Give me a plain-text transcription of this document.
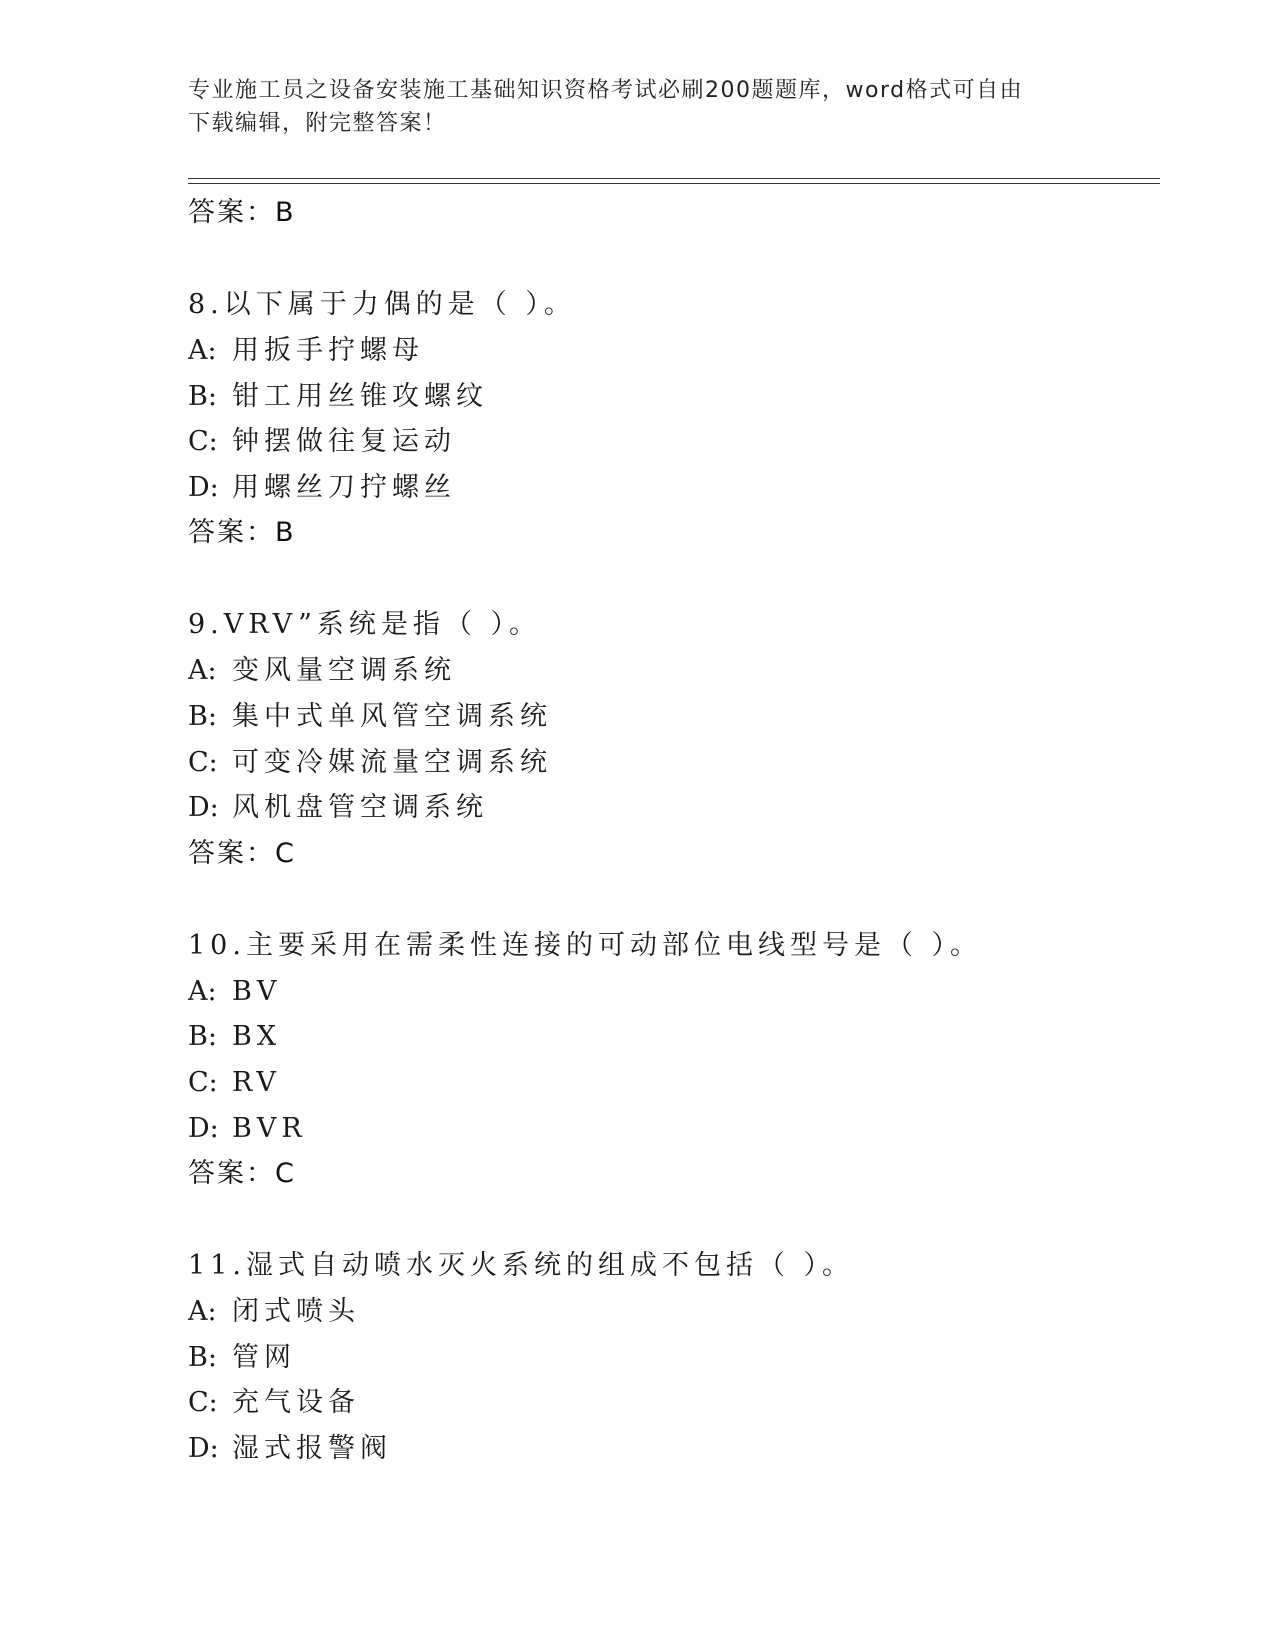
专业施工员之设备安装施工基础知识资格考试必刷200题题库，word格式可自由
下载编辑，附完整答案！
答案：B
8.以下属于力偶的是（ ）。
A: 用扳手拧螺母
B: 钳工用丝锥攻螺纹
C: 钟摆做往复运动
D: 用螺丝刀拧螺丝
答案：B
9.VRV”系统是指（ ）。
A: 变风量空调系统
B: 集中式单风管空调系统
C: 可变冷媒流量空调系统
D: 风机盘管空调系统
答案：C
10.主要采用在需柔性连接的可动部位电线型号是（ ）。
A: BV
B: BX
C: RV
D: BVR
答案：C
11.湿式自动喷水灭火系统的组成不包括（ ）。
A: 闭式喷头
B: 管网
C: 充气设备
D: 湿式报警阀
